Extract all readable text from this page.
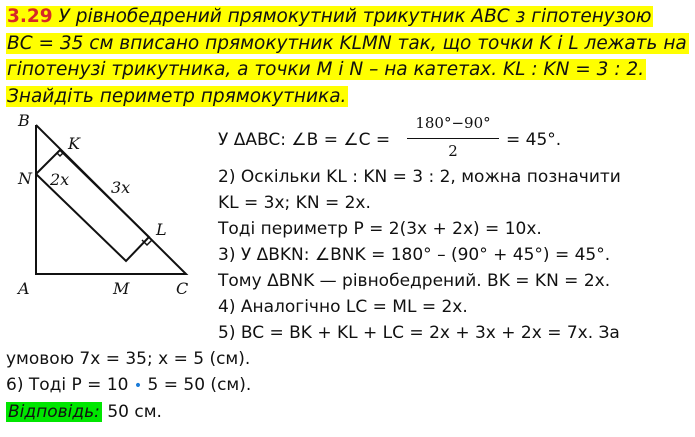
3.29 У рівнобедрений прямокутний трикутник ABC з гіпотенузою
BC = 35 см вписано прямокутник KLMN так, що точки K і L лежать на
гіпотенузі трикутника, а точки M і N – на катетах. KL : KN = 3 : 2.
Знайдіть периметр прямокутника.
B
K
N 2x	3x
L
A	M	C
У ΔABC: ∠B = ∠C =
180°−90°
2
= 45°.
2) Оскільки KL : KN = 3 : 2, можна позначити
KL = 3x; KN = 2x.
Тоді периметр P = 2(3x + 2x) = 10x.
3) У ΔBKN: ∠BNK = 180° – (90° + 45°) = 45°.
Тому ΔBNK — рівнобедрений. BK = KN = 2x.
4) Аналогічно LC = ML = 2x.
5) BC = BK + KL + LC = 2x + 3x + 2x = 7x. За
умовою 7x = 35; x = 5 (см).
6) Тоді P = 10 • 5 = 50 (см).
Відповідь: 50 см.
